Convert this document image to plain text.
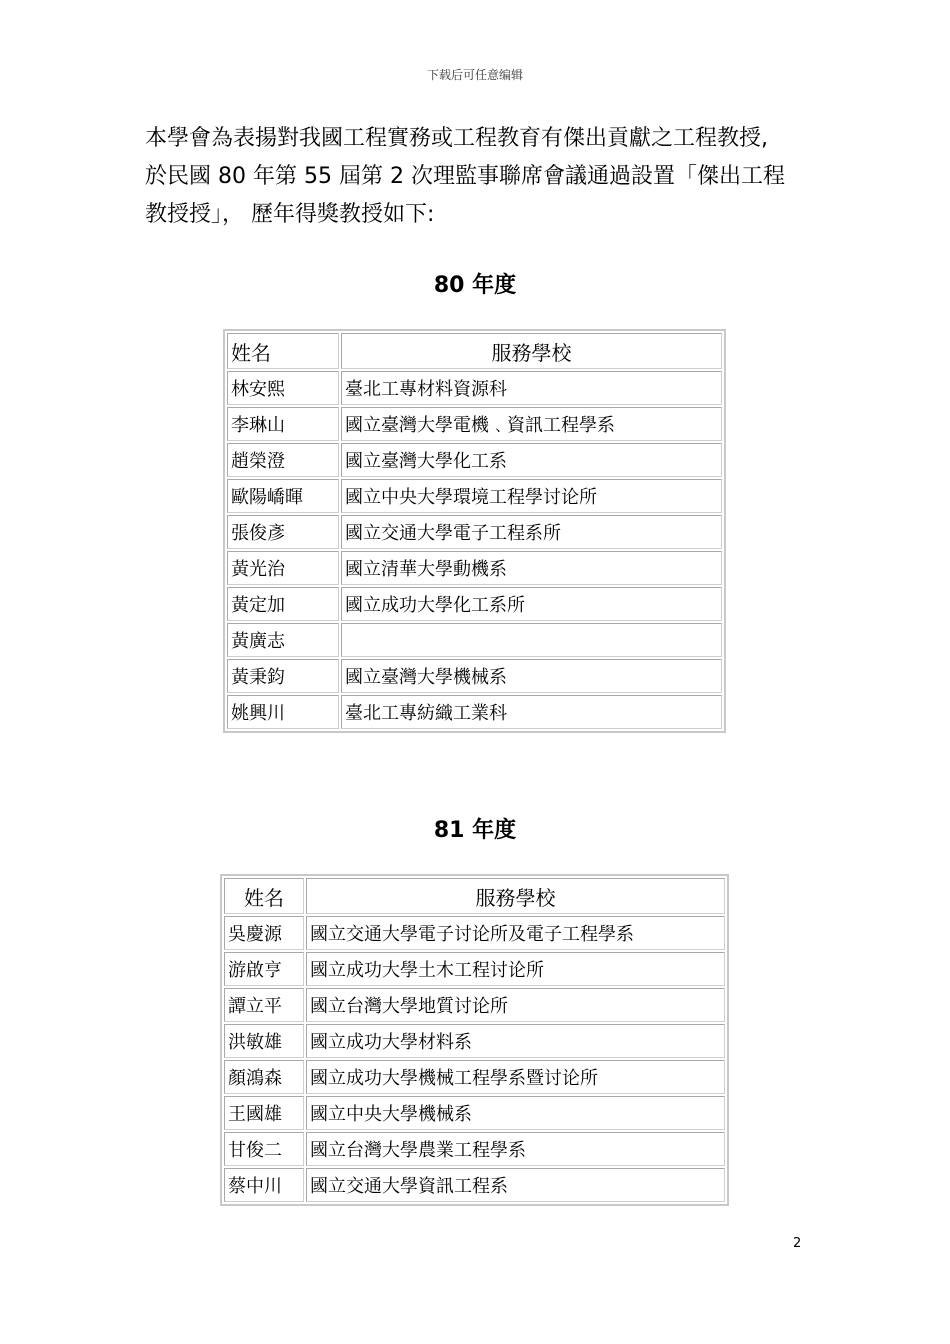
下载后可任意编辑

本學會為表揚對我國工程實務或工程教育有傑出貢獻之工程教授,

於民國 80 年第 55 屆第 2 次理監事聯席會議通過設置「傑出工程

教授授」， 歷年得獎教授如下:

80 年度
姓名	服務學校
林安熙	臺北工專材料資源科
李琳山	國立臺灣大學電機﹑資訊工程學系
趙榮澄	國立臺灣大學化工系
歐陽嶠暉	國立中央大學環境工程學讨论所
張俊彥	國立交通大學電子工程系所
黃光治	國立清華大學動機系
黃定加	國立成功大學化工系所
黃廣志	
黃秉鈞	國立臺灣大學機械系
姚興川	臺北工專紡織工業科
81 年度
姓名	服務學校
吳慶源	國立交通大學電子讨论所及電子工程學系
游啟亨	國立成功大學土木工程讨论所
譚立平	國立台灣大學地質讨论所
洪敏雄	國立成功大學材料系
顏鴻森	國立成功大學機械工程學系暨讨论所
王國雄	國立中央大學機械系
甘俊二	國立台灣大學農業工程學系
蔡中川	國立交通大學資訊工程系
2
